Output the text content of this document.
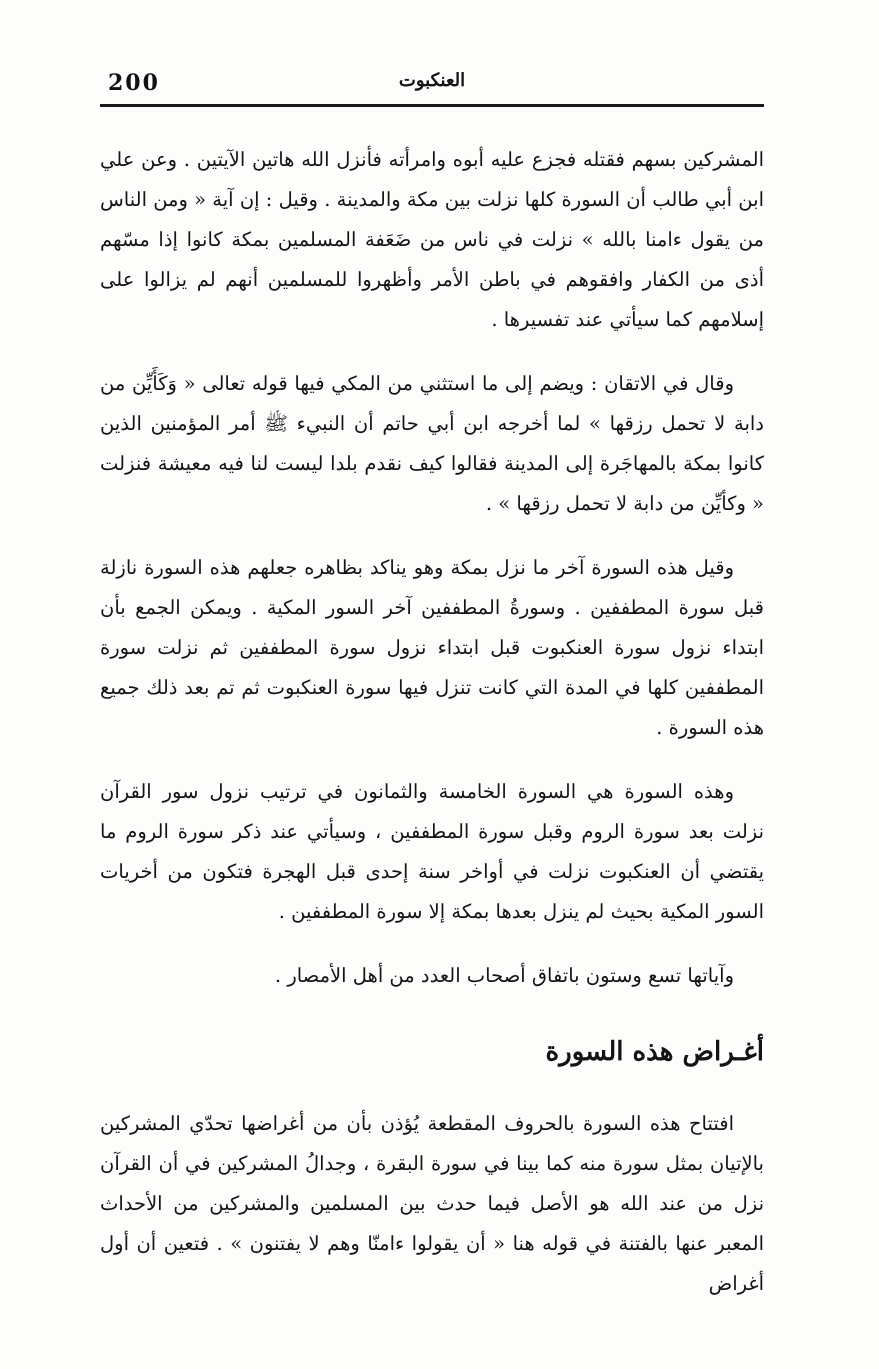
200	العنكبوت

المشركين بسهم فقتله فجزع عليه أبوه وامرأته فأنزل الله هاتين الآيتين . وعن علي ابن أبي طالب أن السورة كلها نزلت بين مكة والمدينة . وقيل : إن آية « ومن الناس من يقول ءامنا بالله » نزلت في ناس من ضَعَفة المسلمين بمكة كانوا إذا مسّهم أذى من الكفار وافقوهم في باطن الأمر وأظهروا للمسلمين أنهم لم يزالوا على إسلامهم كما سيأتي عند تفسيرها .

وقال في الاتقان : ويضم إلى ما استثني من المكي فيها قوله تعالى « وَكَأَيِّن من دابة لا تحمل رزقها » لما أخرجه ابن أبي حاتم أن النبيء ﷺ أمر المؤمنين الذين كانوا بمكة بالمهاجَرة إلى المدينة فقالوا كيف نقدم بلدا ليست لنا فيه معيشة فنزلت « وكأيِّن من دابة لا تحمل رزقها » .

وقيل هذه السورة آخر ما نزل بمكة وهو يناكد بظاهره جعلهم هذه السورة نازلة قبل سورة المطففين . وسورةُ المطففين آخر السور المكية . ويمكن الجمع بأن ابتداء نزول سورة العنكبوت قبل ابتداء نزول سورة المطففين ثم نزلت سورة المطففين كلها في المدة التي كانت تنزل فيها سورة العنكبوت ثم تم بعد ذلك جميع هذه السورة .

وهذه السورة هي السورة الخامسة والثمانون في ترتيب نزول سور القرآن نزلت بعد سورة الروم وقبل سورة المطففين ، وسيأتي عند ذكر سورة الروم ما يقتضي أن العنكبوت نزلت في أواخر سنة إحدى قبل الهجرة فتكون من أخريات السور المكية بحيث لم ينزل بعدها بمكة إلا سورة المطففين .

وآياتها تسع وستون باتفاق أصحاب العدد من أهل الأمصار .

أغـراض هذه السورة

افتتاح هذه السورة بالحروف المقطعة يُؤذن بأن من أغراضها تحدّي المشركين بالإتيان بمثل سورة منه كما بينا في سورة البقرة ، وجدالُ المشركين في أن القرآن نزل من عند الله هو الأصل فيما حدث بين المسلمين والمشركين من الأحداث المعبر عنها بالفتنة في قوله هنا « أن يقولوا ءامنّا وهم لا يفتنون » . فتعين أن أول أغراض
